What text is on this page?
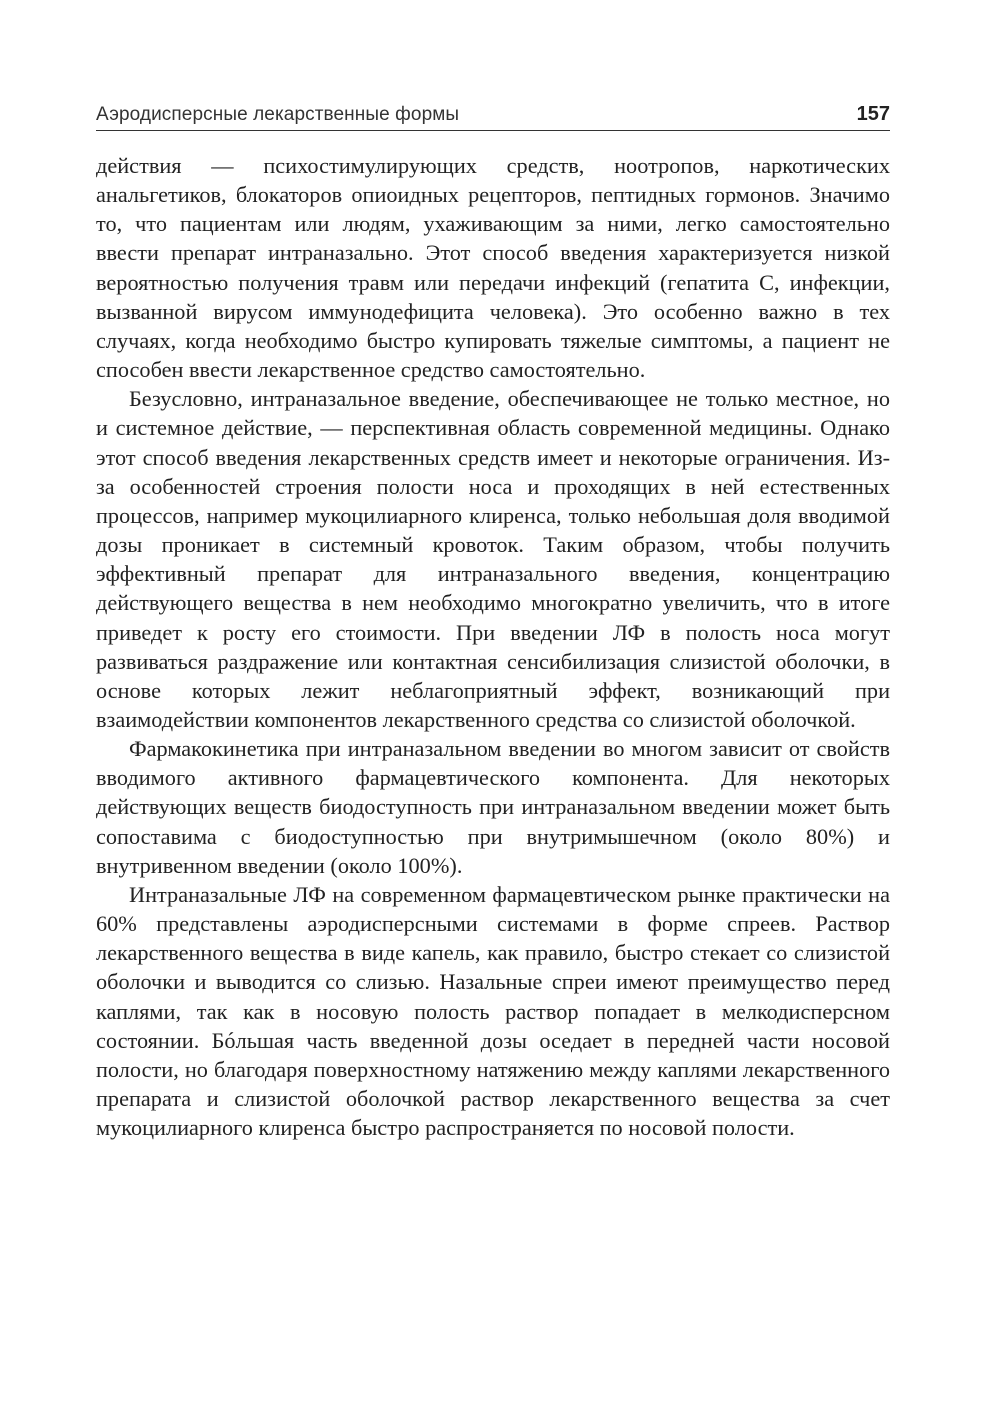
Аэродисперсные лекарственные формы	157

действия — психостимулирующих средств, ноотропов, наркотических анальгетиков, блокаторов опиоидных рецепторов, пептидных гормонов. Значимо то, что пациентам или людям, ухаживающим за ними, легко самостоятельно ввести препарат интраназально. Этот способ введения характеризуется низкой вероятностью получения травм или передачи инфекций (гепатита С, инфекции, вызванной вирусом иммунодефицита человека). Это особенно важно в тех случаях, когда необходимо быстро купировать тяжелые симптомы, а пациент не способен ввести лекарственное средство самостоятельно.

Безусловно, интраназальное введение, обеспечивающее не только местное, но и системное действие, — перспективная область современной медицины. Однако этот способ введения лекарственных средств имеет и некоторые ограничения. Из-за особенностей строения полости носа и проходящих в ней естественных процессов, например мукоцилиарного клиренса, только небольшая доля вводимой дозы проникает в системный кровоток. Таким образом, чтобы получить эффективный препарат для интраназального введения, концентрацию действующего вещества в нем необходимо многократно увеличить, что в итоге приведет к росту его стоимости. При введении ЛФ в полость носа могут развиваться раздражение или контактная сенсибилизация слизистой оболочки, в основе которых лежит неблагоприятный эффект, возникающий при взаимодействии компонентов лекарственного средства со слизистой оболочкой.

Фармакокинетика при интраназальном введении во многом зависит от свойств вводимого активного фармацевтического компонента. Для некоторых действующих веществ биодоступность при интраназальном введении может быть сопоставима с биодоступностью при внутримышечном (около 80%) и внутривенном введении (около 100%).

Интраназальные ЛФ на современном фармацевтическом рынке практически на 60% представлены аэродисперсными системами в форме спреев. Раствор лекарственного вещества в виде капель, как правило, быстро стекает со слизистой оболочки и выводится со слизью. Назальные спреи имеют преимущество перед каплями, так как в носовую полость раствор попадает в мелкодисперсном состоянии. Бóльшая часть введенной дозы оседает в передней части носовой полости, но благодаря поверхностному натяжению между каплями лекарственного препарата и слизистой оболочкой раствор лекарственного вещества за счет мукоцилиарного клиренса быстро распространяется по носовой полости.
